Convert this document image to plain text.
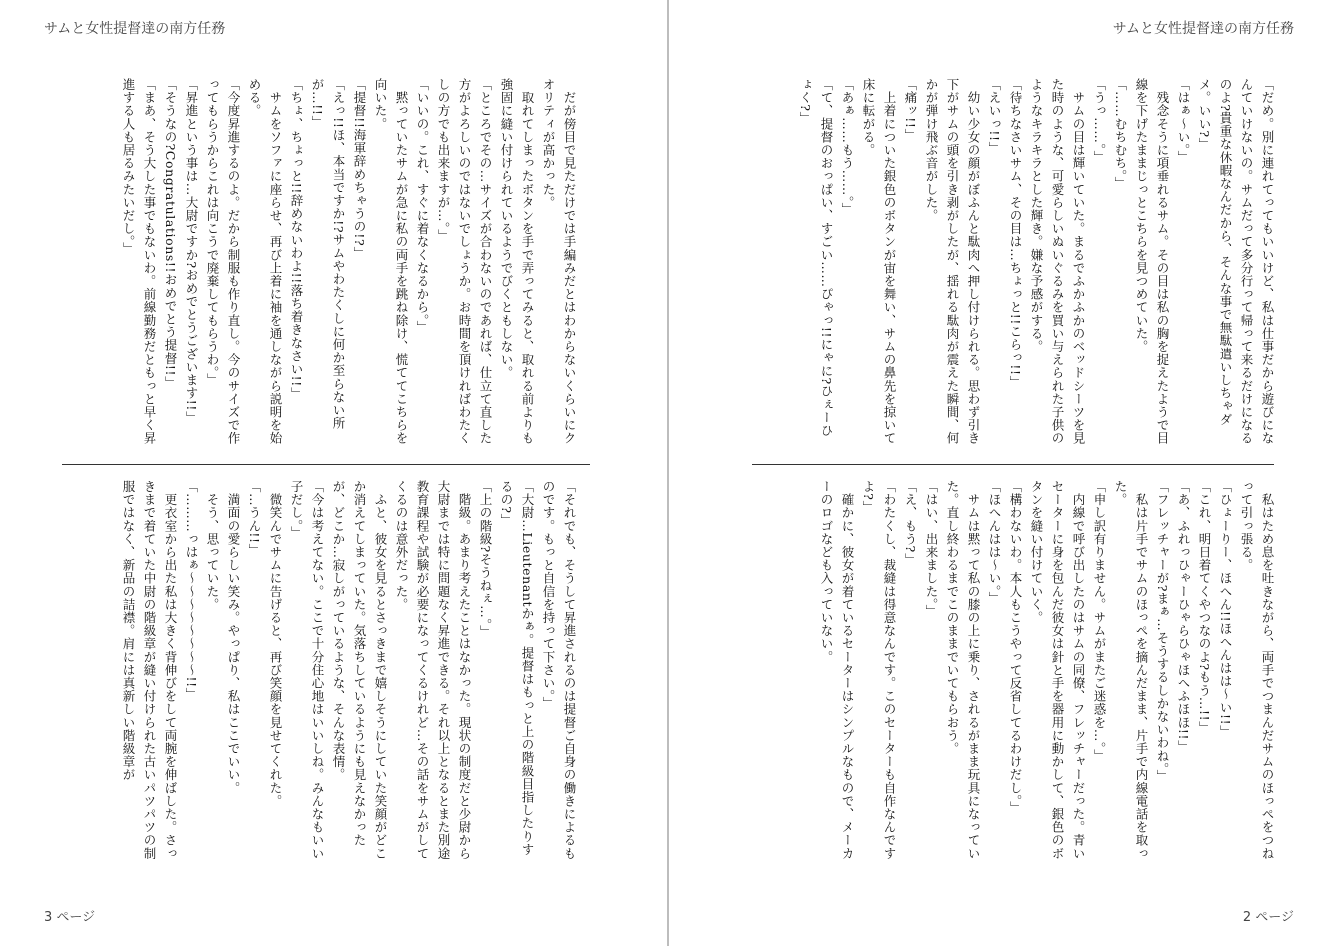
サムと女性提督達の南方任務

　だが傍目で見ただけでは手編みだとはわからないくらいにクオリティが高かった。

　取れてしまったボタンを手で弄ってみると、取れる前よりも強固に縫い付けられているようでびくともしない。

「ところでその…サイズが合わないのであれば、仕立て直した方がよろしいのではないでしょうか。お時間を頂ければわたくしの方でも出来ますが…。」

「いいの。これ、すぐに着なくなるから。」

　黙っていたサムが急に私の両手を跳ね除け、慌ててこちらを向いた。

「提督!!海軍辞めちゃうの!?」

「えっ!!ほ、本当ですか!?サムやわたくしに何か至らない所が…!!」

「ちょ、ちょっと!!辞めないわよ!!落ち着きなさい!!」

　サムをソファに座らせ、再び上着に袖を通しながら説明を始める。

「今度昇進するのよ。だから制服も作り直し。今のサイズで作ってもらうからこれは向こうで廃棄してもらうわ。」

「昇進という事は…大尉ですか?おめでとうございます!!」

「そうなの?Congratulations!!おめでとう提督!!」

「まあ、そう大した事でもないわ。前線勤務だともっと早く昇進する人も居るみたいだし。」

「それでも、そうして昇進されるのは提督ご自身の働きによるものです。もっと自信を持って下さい。」

「大尉…Lieutenantかぁ。提督はもっと上の階級目指したりするの?」

「上の階級?そうねぇ…。」

　階級。あまり考えたことはなかった。現状の制度だと少尉から大尉までは特に問題なく昇進できる。それ以上となるとまた別途教育課程や試験が必要になってくるけれど…その話をサムがしてくるのは意外だった。

　ふと、彼女を見るとさっきまで嬉しそうにしていた笑顔がどこか消えてしまっていた。気落ちしているようにも見えなかったが、どこか…寂しがっているような、そんな表情。

「今は考えてない。ここで十分住心地はいいしね。みんなもいい子だし。」

　微笑んでサムに告げると、再び笑顔を見せてくれた。

「…うん!!」

　満面の愛らしい笑み。やっぱり、私はここでいい。

　そう、思っていた。

「………っはぁ〜〜〜〜〜〜〜〜!!」

　更衣室から出た私は大きく背伸びをして両腕を伸ばした。さっきまで着ていた中尉の階級章が縫い付けられた古いパツパツの制服ではなく、新品の詰襟。肩には真新しい階級章が

3 ページ
サムと女性提督達の南方任務

「だめ。別に連れてってもいいけど、私は仕事だから遊びになんていけないの。サムだって多分行って帰って来るだけになるのよ?貴重な休暇なんだから、そんな事で無駄遣いしちゃダメ。いい?」

「はぁ〜い。」

　残念そうに項垂れるサム。その目は私の胸を捉えたようで目線を下げたままじっとこちらを見つめていた。

「……むちむち。」

「うっ……。」

　サムの目は輝いていた。まるでふかふかのベッドシーツを見た時のような、可愛らしいぬいぐるみを買い与えられた子供のようなキラキラとした輝き。嫌な予感がする。

「待ちなさいサム、その目は…ちょっと!!こらっ!!」

「えいっ!!」

　幼い少女の顔がぼふんと駄肉へ押し付けられる。思わず引き下がサムの頭を引き剥がしたが、揺れる駄肉が震えた瞬間、何かが弾け飛ぶ音がした。

「痛ッ!!」

　上着についた銀色のボタンが宙を舞い、サムの鼻先を掠いて床に転がる。

「あぁ……もう……。」

「て、提督のおっぱい、すごい……ぴゃっ!!にゃに?ひぇーひょく?」

　私はため息を吐きながら、両手でつまんだサムのほっぺをつねって引っ張る。

「ひょーりー、ほへん!!ほへんはは〜い!!」

「これ、明日着てくやつなのよ?もう…!!」

「あ、ふれっひゃーひゃらひゃほへふほほ!!」

「フレッチャーが?まぁ…そうするしかないわね。」

　私は片手でサムのほっぺを摘んだまま、片手で内線電話を取った。

「申し訳有りません。サムがまたご迷惑を…。」

　内線で呼び出したのはサムの同僚、フレッチャーだった。青いセーターに身を包んだ彼女は針と手を器用に動かして、銀色のボタンを縫い付けていく。

「構わないわ。本人もこうやって反省してるわけだし。」

「ほへんはは〜い。」

　サムは黙って私の膝の上に乗り、されるがまま玩具になっていた。直し終わるまでこのままでいてもらおう。

「はい、出来ました。」

「え、もう?」

「わたくし、裁縫は得意なんです。このセーターも自作なんですよ?」

　確かに、彼女が着ているセーターはシンプルなもので、メーカーのロゴなども入っていない。

2 ページ
